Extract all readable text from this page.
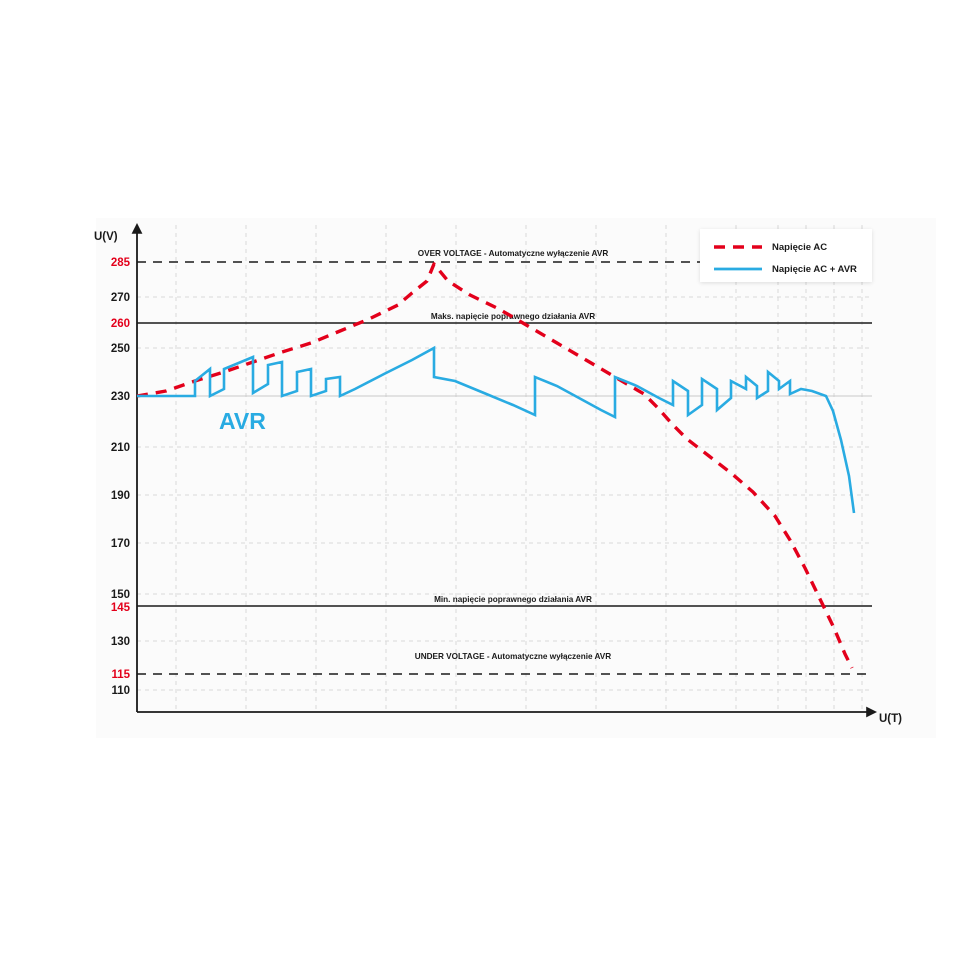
U(V)
U(T)
285
270
260
250
230
210
190
170
150
145
130
115
110
OVER VOLTAGE - Automatyczne wyłączenie AVR
Maks. napięcie poprawnego działania AVR
Min. napięcie poprawnego działania AVR
UNDER VOLTAGE - Automatyczne wyłączenie AVR
AVR
Napięcie AC
Napięcie AC + AVR
